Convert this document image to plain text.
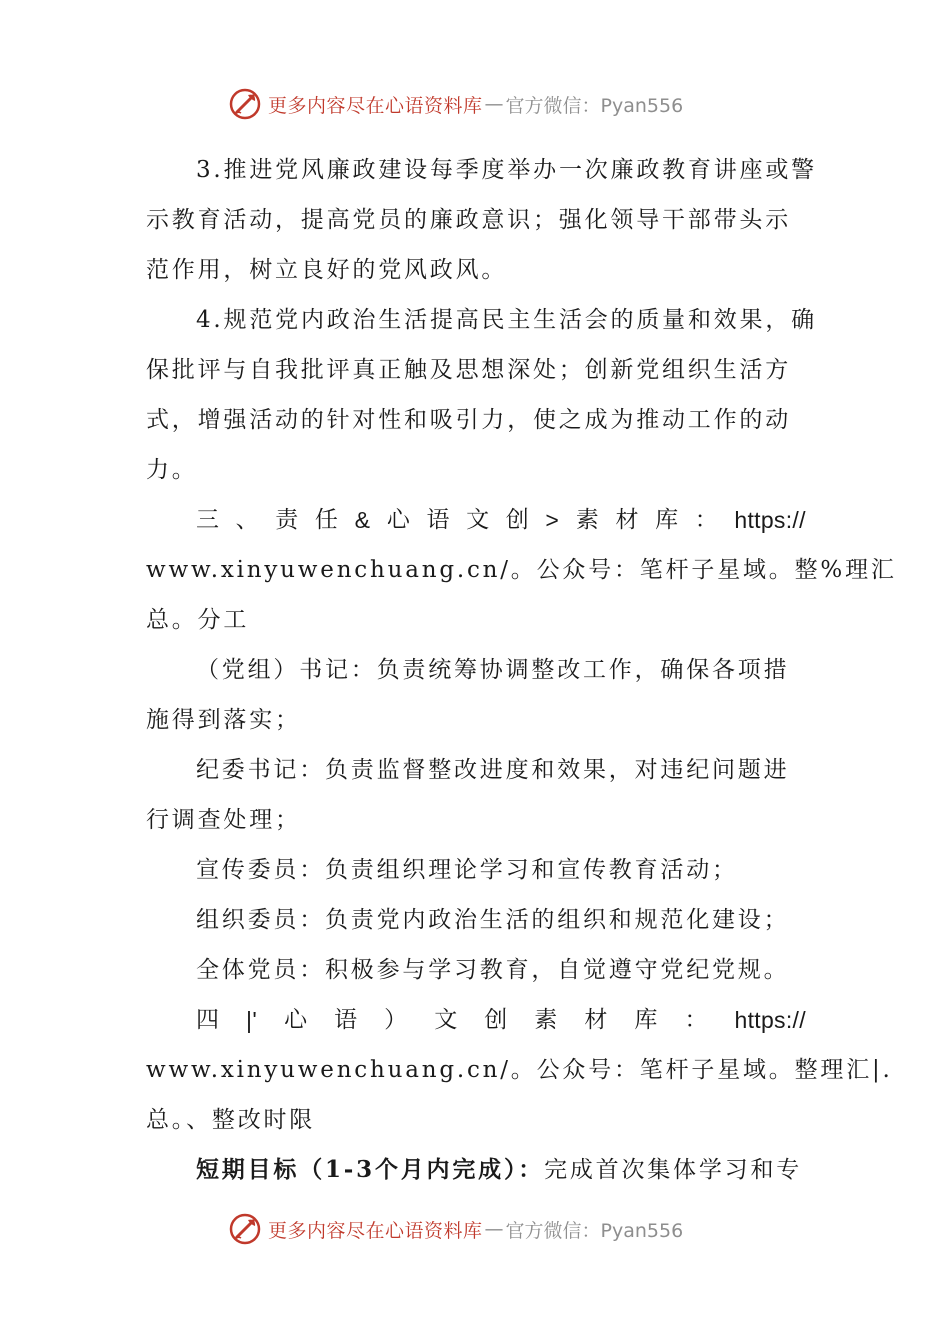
更多内容尽在心语资料库 — 官方微信：Pyan556
3.推进党风廉政建设每季度举办一次廉政教育讲座或警
示教育活动，提高党员的廉政意识；强化领导干部带头示
范作用，树立良好的党风政风。
4.规范党内政治生活提高民主生活会的质量和效果，确
保批评与自我批评真正触及思想深处；创新党组织生活方
式，增强活动的针对性和吸引力，使之成为推动工作的动
力。
三 、 责 任 & 心 语 文 创 > 素 材 库 ： https://
www.xinyuwenchuang.cn/。公众号：笔杆子星域。整%理汇
总。分工
（党组）书记：负责统筹协调整改工作，确保各项措
施得到落实；
纪委书记：负责监督整改进度和效果，对违纪问题进
行调查处理；
宣传委员：负责组织理论学习和宣传教育活动；
组织委员：负责党内政治生活的组织和规范化建设；
全体党员：积极参与学习教育，自觉遵守党纪党规。
四 |' 心 语 ） 文 创 素 材 库 ： https://
www.xinyuwenchuang.cn/。公众号：笔杆子星域。整理汇|.
总。、整改时限
短期目标（1-3个月内完成）：完成首次集体学习和专
更多内容尽在心语资料库 — 官方微信：Pyan556
